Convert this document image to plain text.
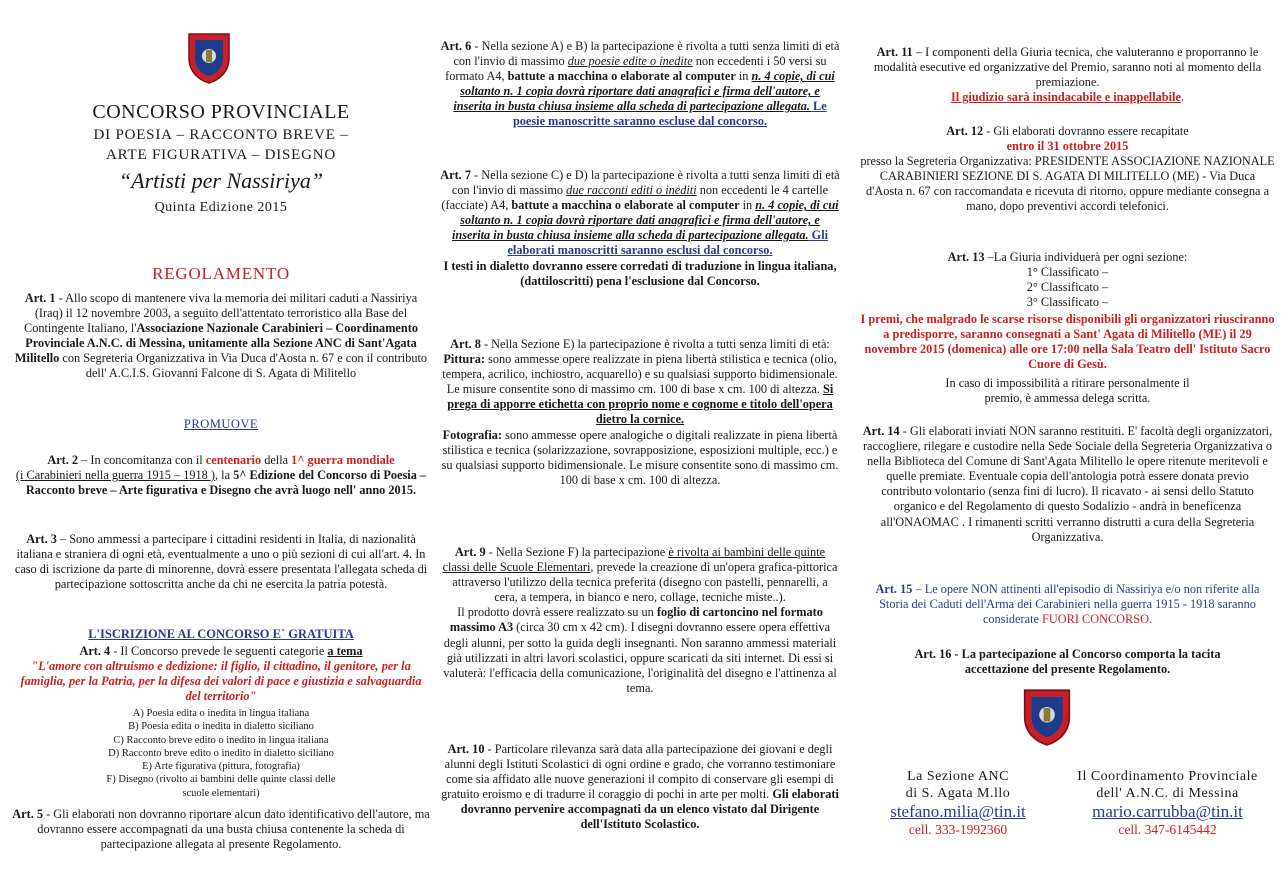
CONCORSO PROVINCIALE

DI POESIA – RACCONTO BREVE –

ARTE FIGURATIVA – DISEGNO

“Artisti per Nassiriya”

Quinta Edizione 2015

REGOLAMENTO

Art. 1 - Allo scopo di mantenere viva la memoria dei militari caduti a Nassiriya (Iraq) il 12 novembre 2003, a seguito dell'attentato terroristico alla Base del Contingente Italiano, l'Associazione Nazionale Carabinieri – Coordinamento Provinciale A.N.C. di Messina, unitamente alla Sezione ANC di Sant'Agata Militello con Segreteria Organizzativa in Via Duca d'Aosta n. 67 e con il contributo dell' A.C.I.S. Giovanni Falcone di S. Agata di Militello

PROMUOVE

Art. 2 – In concomitanza con il centenario della 1^ guerra mondiale
(i Carabinieri nella guerra 1915 – 1918 ), la 5^ Edizione del Concorso di Poesia – Racconto breve – Arte figurativa e Disegno che avrà luogo nell' anno 2015.

Art. 3 – Sono ammessi a partecipare i cittadini residenti in Italia, di nazionalità italiana e straniera di ogni età, eventualmente a uno o più sezioni di cui all'art. 4. In caso di iscrizione da parte di minorenne, dovrà essere presentata l'allegata scheda di partecipazione sottoscritta anche da chi ne esercita la patria potestà.

L'ISCRIZIONE AL CONCORSO E` GRATUITA

Art. 4 - Il Concorso prevede le seguenti categorie a tema

"L'amore con altruismo e dedizione: il figlio, il cittadino, il genitore, per la famiglia, per la Patria, per la difesa dei valori di pace e giustizia e salvaguardia del territorio"

A) Poesia edita o inedita in lingua italiana

B) Poesia edita o inedita in dialetto siciliano

C) Racconto breve edito o inedito in lingua italiana

D) Racconto breve edito o inedito in dialetto siciliano

E) Arte figurativa (pittura, fotografia)

F) Disegno (rivolto ai bambini delle quinte classi delle scuole elementari)

Art. 5 - Gli elaborati non dovranno riportare alcun dato identificativo dell'autore, ma dovranno essere accompagnati da una busta chiusa contenente la scheda di partecipazione allegata al presente Regolamento.

Art. 6 - Nella sezione A) e B) la partecipazione è rivolta a tutti senza limiti di età con l'invio di massimo due poesie edite o inedite non eccedenti i 50 versi su formato A4, battute a macchina o elaborate al computer in n. 4 copie, di cui soltanto n. 1 copia dovrà riportare dati anagrafici e firma dell'autore, e inserita in busta chiusa insieme alla scheda di partecipazione allegata. Le poesie manoscritte saranno escluse dal concorso.

Art. 7 - Nella sezione C) e D) la partecipazione è rivolta a tutti senza limiti di età con l'invio di massimo due racconti editi o inediti non eccedenti le 4 cartelle (facciate) A4, battute a macchina o elaborate al computer in n. 4 copie, di cui soltanto n. 1 copia dovrà riportare dati anagrafici e firma dell'autore, e inserita in busta chiusa insieme alla scheda di partecipazione allegata. Gli elaborati manoscritti saranno esclusi dal concorso.
I testi in dialetto dovranno essere corredati di traduzione in lingua italiana,(dattiloscritti) pena l'esclusione dal Concorso.

Art. 8 - Nella Sezione E) la partecipazione è rivolta a tutti senza limiti di età:
Pittura: sono ammesse opere realizzate in piena libertà stilistica e tecnica (olio, tempera, acrilico, inchiostro, acquarello) e su qualsiasi supporto bidimensionale. Le misure consentite sono di massimo cm. 100 di base x cm. 100 di altezza. Si prega di apporre etichetta con proprio nome e cognome e titolo dell'opera dietro la cornice.
Fotografia: sono ammesse opere analogiche o digitali realizzate in piena libertà stilistica e tecnica (solarizzazione, sovrapposizione, esposizioni multiple, ecc.) e su qualsiasi supporto bidimensionale. Le misure consentite sono di massimo cm. 100 di base x cm. 100 di altezza.

Art. 9 - Nella Sezione F) la partecipazione è rivolta ai bambini delle quinte classi delle Scuole Elementari, prevede la creazione di un'opera grafica-pittorica attraverso l'utilizzo della tecnica preferita (disegno con pastelli, pennarelli, a cera, a tempera, in bianco e nero, collage, tecniche miste..).
Il prodotto dovrà essere realizzato su un foglio di cartoncino nel formato massimo A3 (circa 30 cm x 42 cm). I disegni dovranno essere opera effettiva degli alunni, per sotto la guida degli insegnanti. Non saranno ammessi materiali già utilizzati in altri lavori scolastici, oppure scaricati da siti internet. Di essi si valuterà: l'efficacia della comunicazione, l'originalità del disegno e l'attinenza al tema.

Art. 10 - Particolare rilevanza sarà data alla partecipazione dei giovani e degli alunni degli Istituti Scolastici di ogni ordine e grado, che vorranno testimoniare come sia affidato alle nuove generazioni il compito di conservare gli esempi di gratuito eroismo e di tradurre il coraggio di pochi in arte per molti. Gli elaborati dovranno pervenire accompagnati da un elenco vistato dal Dirigente dell'Istituto Scolastico.

Art. 11 – I componenti della Giuria tecnica, che valuteranno e proporranno le modalità esecutive ed organizzative del Premio, saranno noti al momento della premiazione.
Il giudizio sarà insindacabile e inappellabile.

Art. 12 - Gli elaborati dovranno essere recapitate
entro il 31 ottobre 2015
presso la Segreteria Organizzativa: PRESIDENTE ASSOCIAZIONE NAZIONALE CARABINIERI SEZIONE DI S. AGATA DI MILITELLO (ME) - Via Duca d'Aosta n. 67 con raccomandata e ricevuta di ritorno, oppure mediante consegna a mano, dopo preventivi accordi telefonici.

Art. 13 –La Giuria individuerà per ogni sezione:

1° Classificato –

2° Classificato –

3° Classificato –

I premi, che malgrado le scarse risorse disponibili gli organizzatori riusciranno a predisporre, saranno consegnati a Sant' Agata di Militello (ME) il 29 novembre 2015 (domenica) alle ore 17:00 nella Sala Teatro dell' Istituto Sacro Cuore di Gesù.

In caso di impossibilità a ritirare personalmente il premio, è ammessa delega scritta.

Art. 14 - Gli elaborati inviati NON saranno restituiti. E' facoltà degli organizzatori, raccogliere, rilegare e custodire nella Sede Sociale della Segreteria Organizzativa o nella Biblioteca del Comune di Sant'Agata Militello le opere ritenute meritevoli e quelle premiate. Eventuale copia dell'antologia potrà essere donata previo contributo volontario (senza fini di lucro). Il ricavato - ai sensi dello Statuto organico e del Regolamento di questo Sodalizio - andrà in beneficenza all'ONAOMAC . I rimanenti scritti verranno distrutti a cura della Segreteria Organizzativa.

Art. 15 – Le opere NON attinenti all'episodio di Nassiriya e/o non riferite alla Storia dei Caduti dell'Arma dei Carabinieri nella guerra 1915 - 1918 saranno considerate FUORI CONCORSO.

Art. 16 - La partecipazione al Concorso comporta la tacita accettazione del presente Regolamento.

La Sezione ANC

di S. Agata M.llo

stefano.milia@tin.it

cell. 333-1992360

Il Coordinamento Provinciale

dell' A.N.C. di Messina

mario.carrubba@tin.it

cell. 347-6145442
